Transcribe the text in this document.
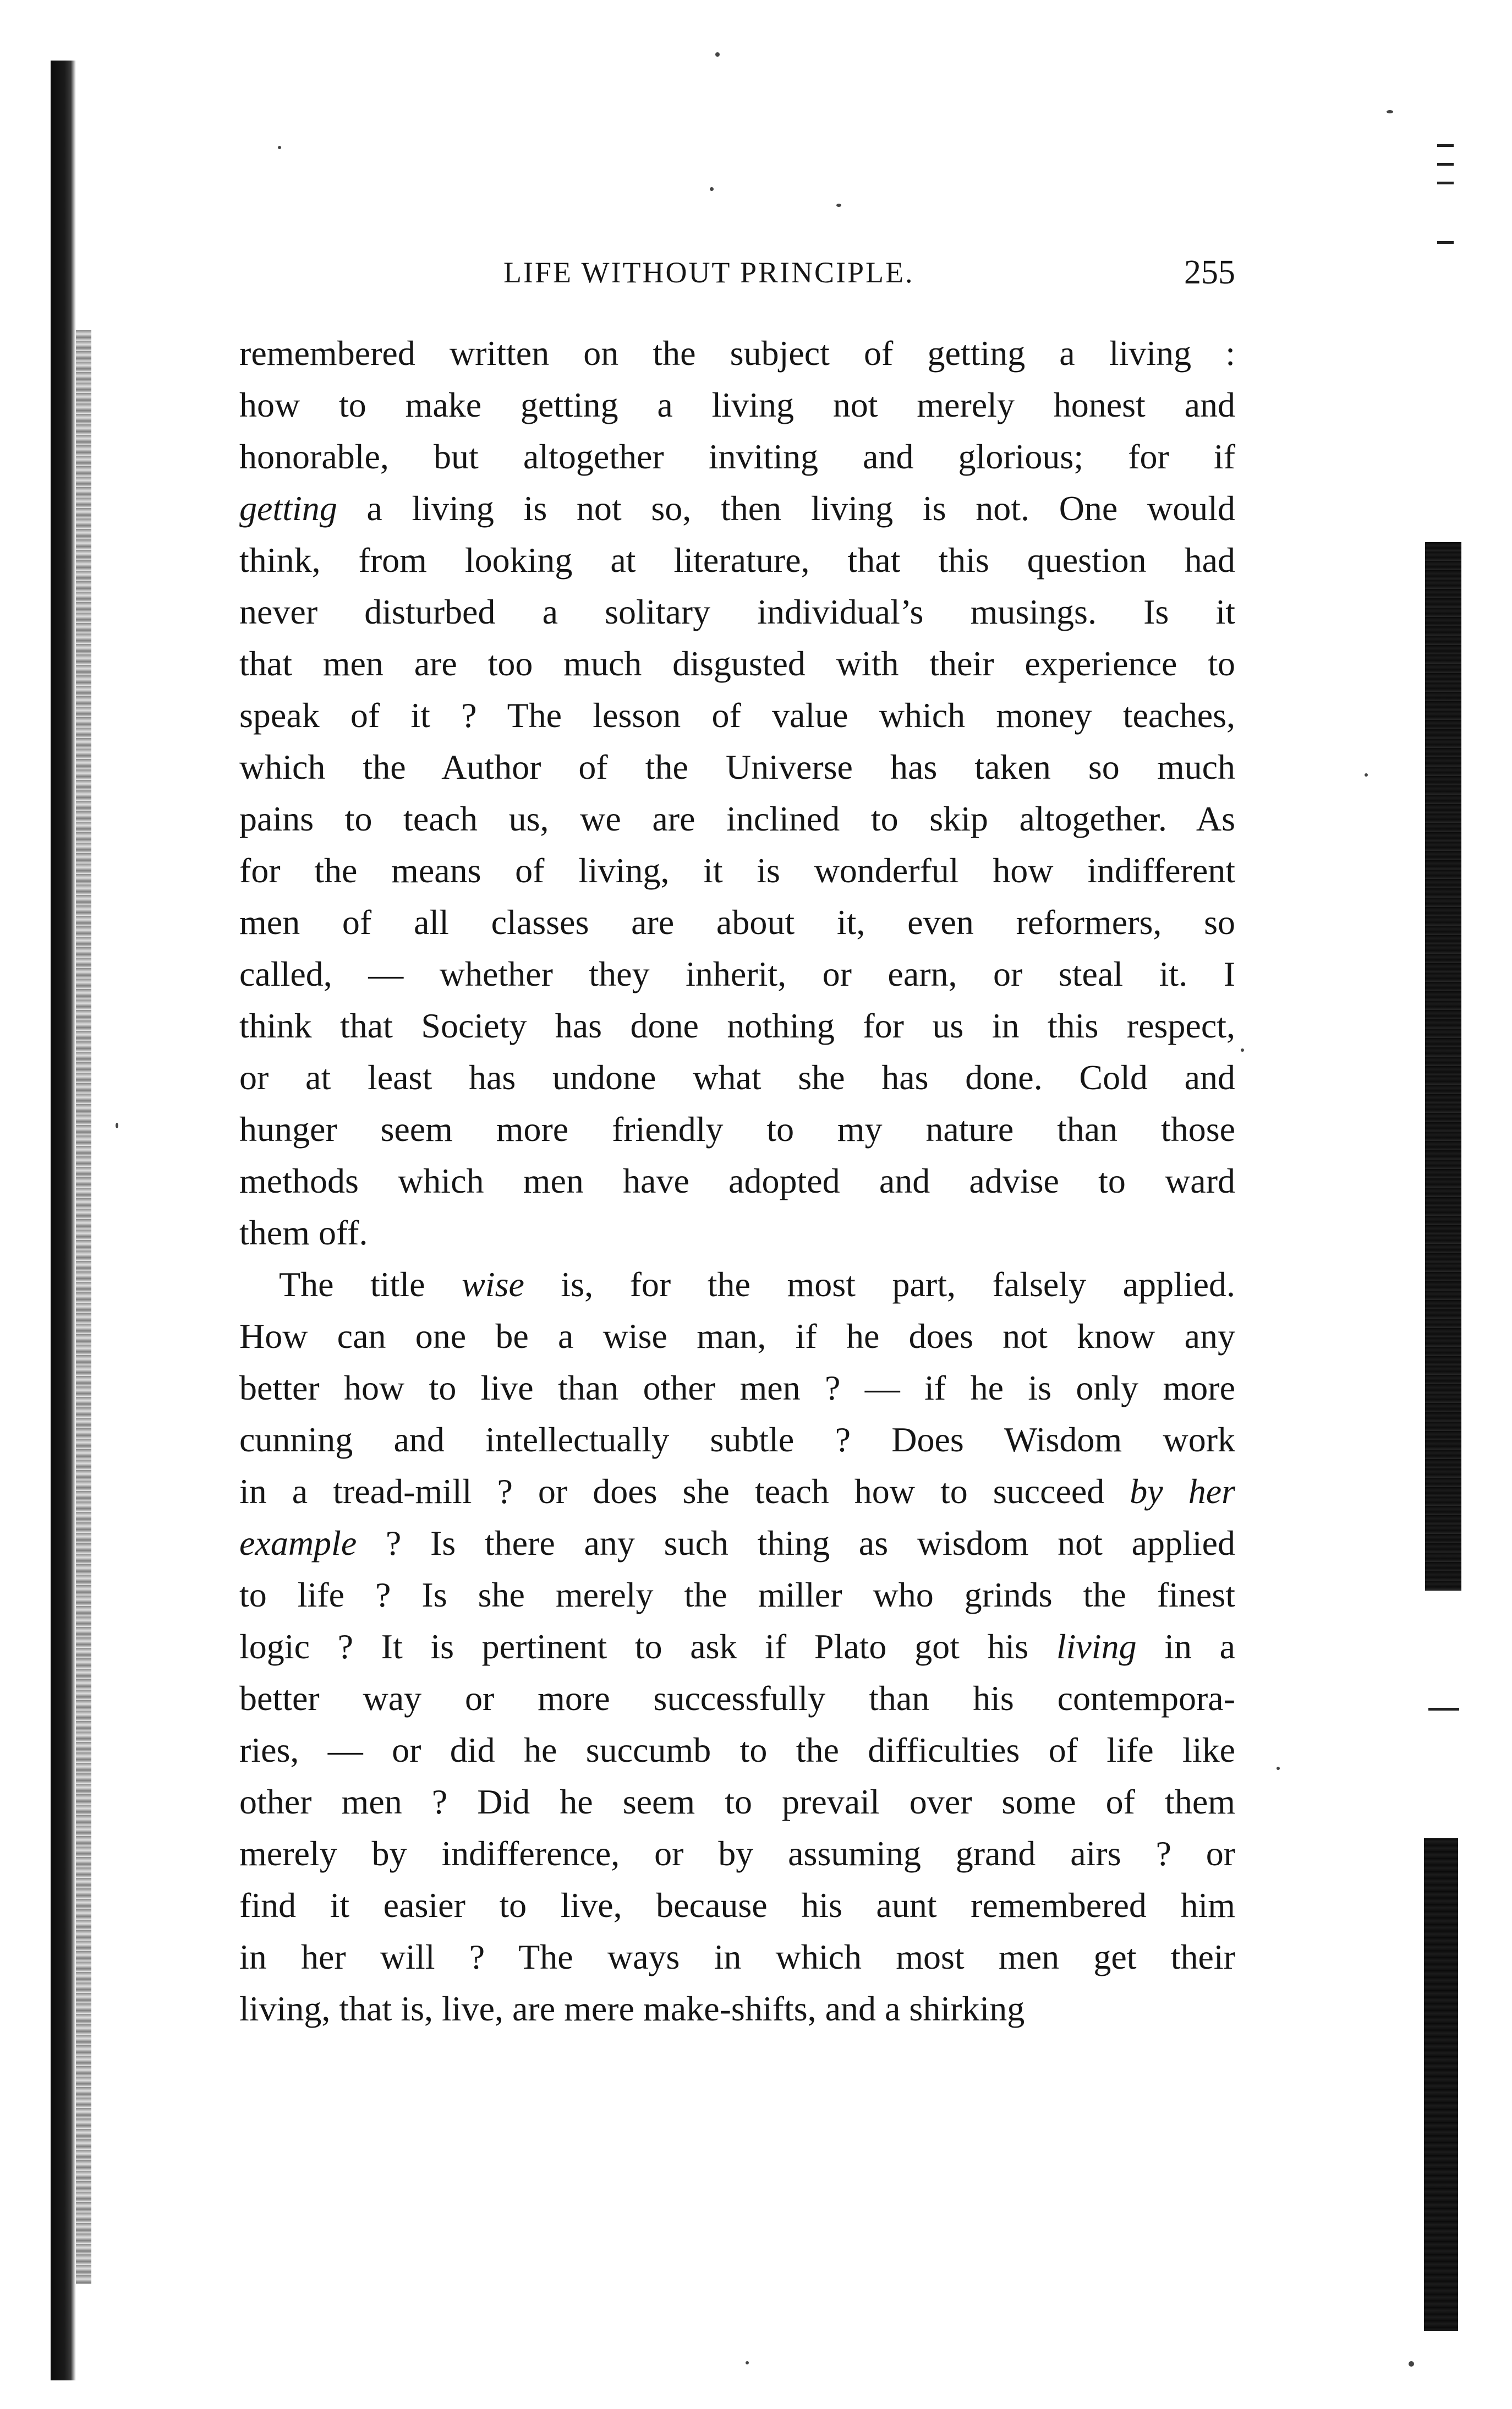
LIFE WITHOUT PRINCIPLE.	255
remembered written on the subject of getting a living :
how to make getting a living not merely honest and
honorable, but altogether inviting and glorious; for if
getting a living is not so, then living is not. One would
think, from looking at literature, that this question had
never disturbed a solitary individual’s musings. Is it
that men are too much disgusted with their experience to
speak of it ? The lesson of value which money teaches,
which the Author of the Universe has taken so much
pains to teach us, we are inclined to skip altogether. As
for the means of living, it is wonderful how indifferent
men of all classes are about it, even reformers, so
called, — whether they inherit, or earn, or steal it. I
think that Society has done nothing for us in this respect,
or at least has undone what she has done. Cold and
hunger seem more friendly to my nature than those
methods which men have adopted and advise to ward
them off.
The title wise is, for the most part, falsely applied.
How can one be a wise man, if he does not know any
better how to live than other men ? — if he is only more
cunning and intellectually subtle ? Does Wisdom work
in a tread-mill ? or does she teach how to succeed by her
example ? Is there any such thing as wisdom not applied
to life ? Is she merely the miller who grinds the finest
logic ? It is pertinent to ask if Plato got his living in a
better way or more successfully than his contempora-
ries, — or did he succumb to the difficulties of life like
other men ? Did he seem to prevail over some of them
merely by indifference, or by assuming grand airs ? or
find it easier to live, because his aunt remembered him
in her will ? The ways in which most men get their
living, that is, live, are mere make-shifts, and a shirking
